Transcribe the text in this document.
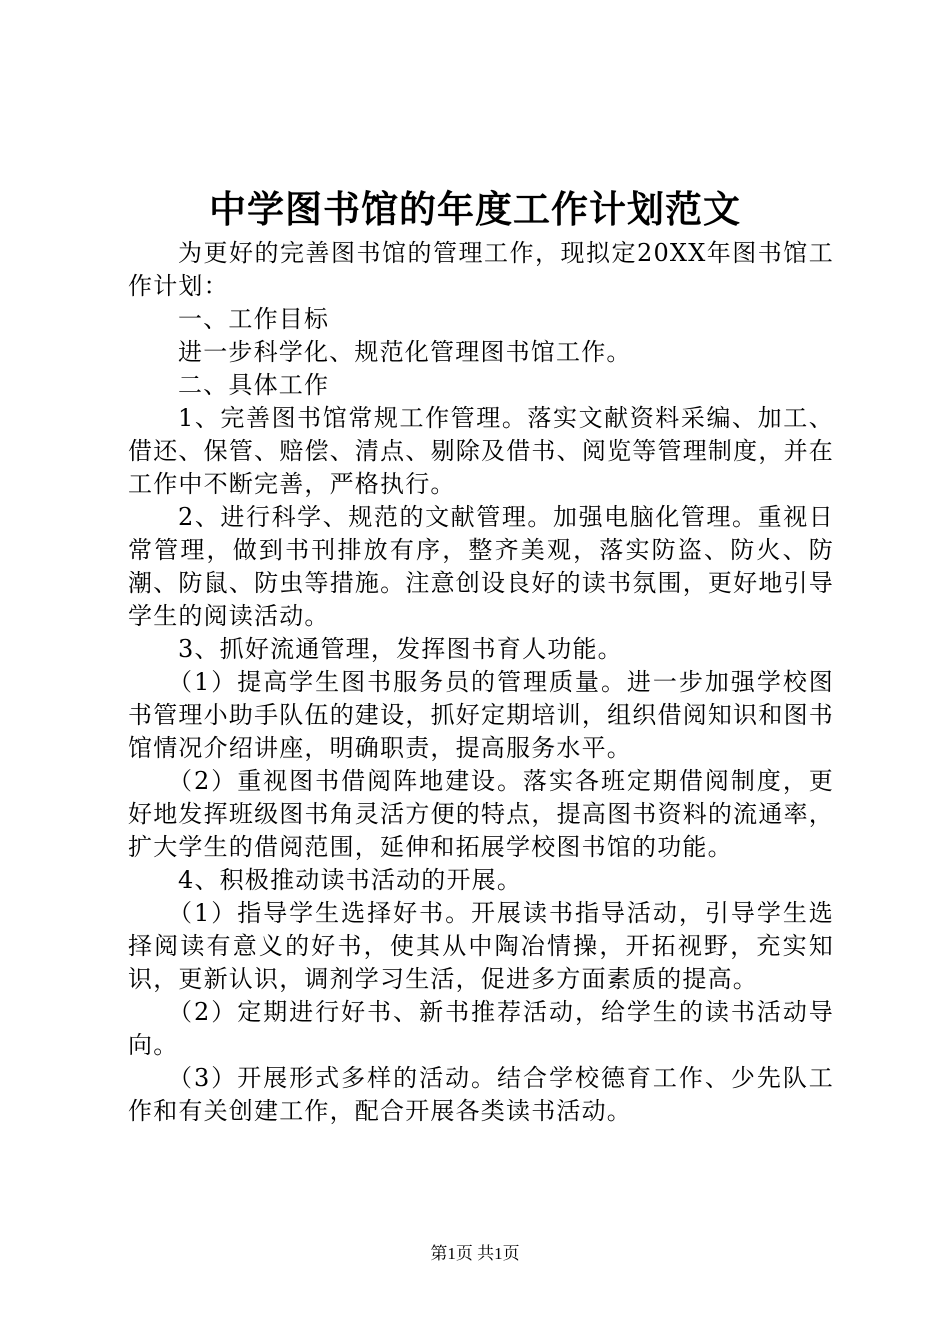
中学图书馆的年度工作计划范文

为更好的完善图书馆的管理工作，现拟定20XX年图书馆工作计划：

一、工作目标

进一步科学化、规范化管理图书馆工作。

二、具体工作

1、完善图书馆常规工作管理。落实文献资料采编、加工、借还、保管、赔偿、清点、剔除及借书、阅览等管理制度，并在工作中不断完善，严格执行。

2、进行科学、规范的文献管理。加强电脑化管理。重视日常管理，做到书刊排放有序，整齐美观，落实防盗、防火、防潮、防鼠、防虫等措施。注意创设良好的读书氛围，更好地引导学生的阅读活动。

3、抓好流通管理，发挥图书育人功能。

（1）提高学生图书服务员的管理质量。进一步加强学校图书管理小助手队伍的建设，抓好定期培训，组织借阅知识和图书馆情况介绍讲座，明确职责，提高服务水平。

（2）重视图书借阅阵地建设。落实各班定期借阅制度，更好地发挥班级图书角灵活方便的特点，提高图书资料的流通率，扩大学生的借阅范围，延伸和拓展学校图书馆的功能。

4、积极推动读书活动的开展。

（1）指导学生选择好书。开展读书指导活动，引导学生选择阅读有意义的好书，使其从中陶冶情操，开拓视野，充实知识，更新认识，调剂学习生活，促进多方面素质的提高。

（2）定期进行好书、新书推荐活动，给学生的读书活动导向。

（3）开展形式多样的活动。结合学校德育工作、少先队工作和有关创建工作，配合开展各类读书活动。

第1页 共1页
